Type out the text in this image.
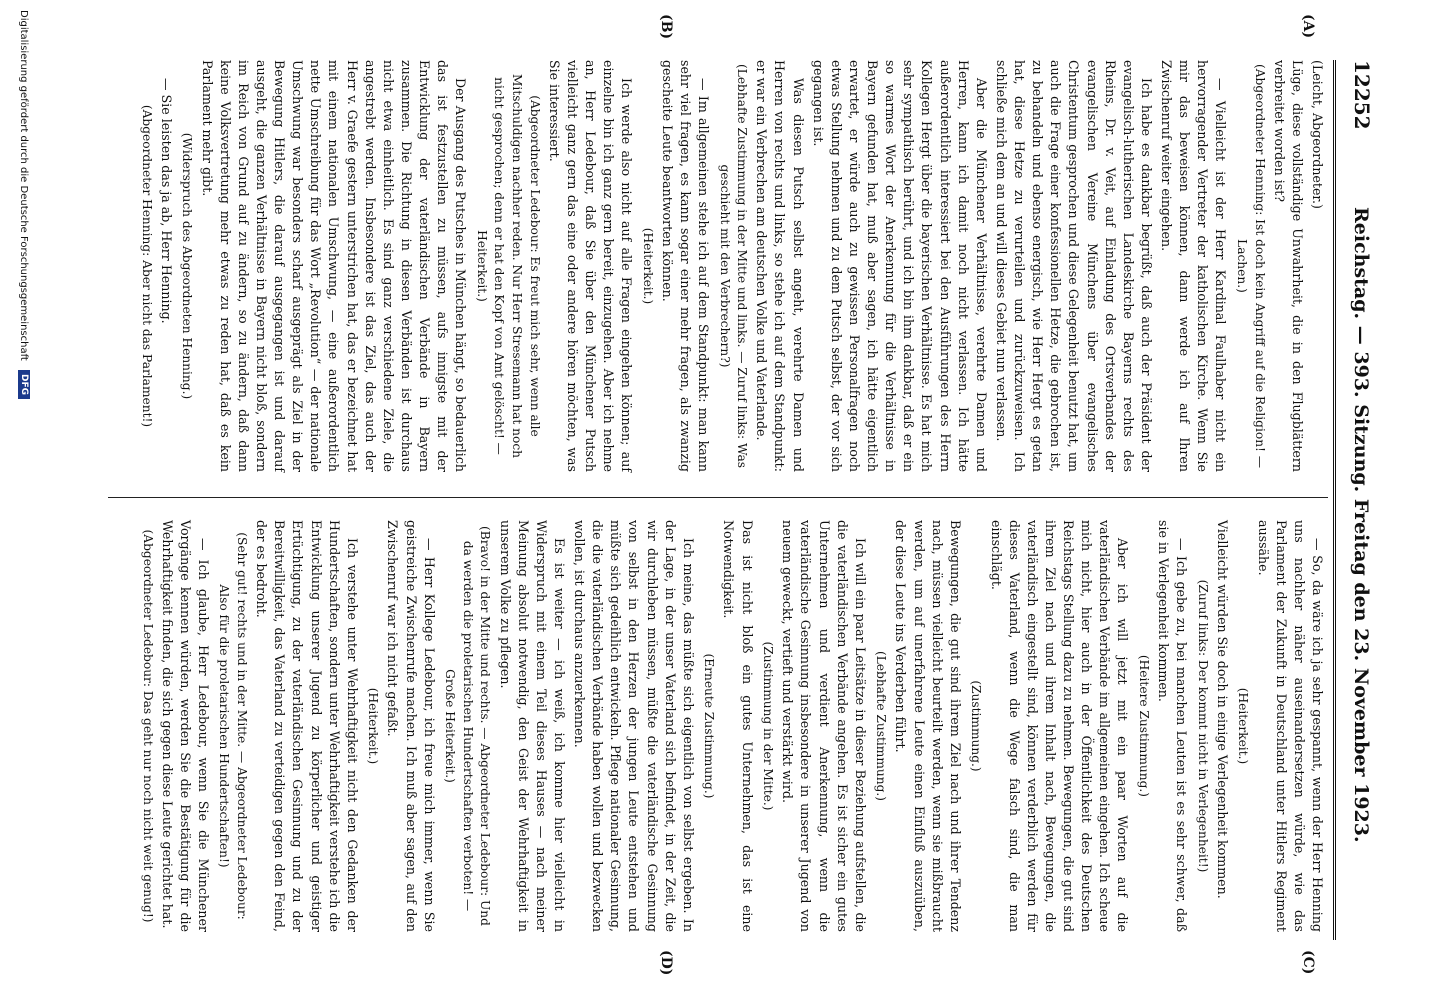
12252
Reichstag. — 393. Sitzung. Freitag den 23. November 1923.
(A)
(B)
(C)
(D)

(Leicht, Abgeordneter.)

Lüge, diese vollständige Unwahrheit, die in den Flugblättern verbreitet worden ist?

(Abgeordneter Henning: Ist doch kein Angriff auf die Religion! — Lachen.)

— Vielleicht ist der Herr Kardinal Faulhaber nicht ein hervorragender Vertreter der katholischen Kirche. Wenn Sie mir das beweisen können, dann werde ich auf Ihren Zwischenruf weiter eingehen.

Ich habe es dankbar begrüßt, daß auch der Präsident der evangelisch-lutherischen Landeskirche Bayerns rechts des Rheins, Dr. v. Veit, auf Einladung des Ortsverbandes der evangelischen Vereine Münchens über evangelisches Christentum gesprochen und diese Gelegenheit benutzt hat, um auch die Frage einer konfessionellen Hetze, die gebrochen ist, zu behandeln und ebenso energisch, wie Herr Hergt es getan hat, diese Hetze zu verurteilen und zurückzuweisen. Ich schließe mich dem an und will dieses Gebiet nun verlassen.

Aber die Münchener Verhältnisse, verehrte Damen und Herren, kann ich damit noch nicht verlassen. Ich hätte außerordentlich interessiert bei den Ausführungen des Herrn Kollegen Hergt über die bayerischen Verhältnisse. Es hat mich sehr sympathisch berührt, und ich bin ihm dankbar, daß er ein so warmes Wort der Anerkennung für die Verhältnisse in Bayern gefunden hat, muß aber sagen, ich hätte eigentlich erwartet, er würde auch zu gewissen Personalfragen noch etwas Stellung nehmen und zu dem Putsch selbst, der vor sich gegangen ist.

Was diesen Putsch selbst angeht, verehrte Damen und Herren von rechts und links, so stehe ich auf dem Standpunkt: er war ein Verbrechen am deutschen Volke und Vaterlande.

(Lebhafte Zustimmung in der Mitte und links. — Zuruf links: Was geschieht mit den Verbrechern?)

— Im allgemeinen stehe ich auf dem Standpunkt: man kann sehr viel fragen, es kann sogar einer mehr fragen, als zwanzig gescheite Leute beantworten können.

(Heiterkeit.)

Ich werde also nicht auf alle Fragen eingehen können; auf einzelne bin ich ganz gern bereit, einzugehen. Aber ich nehme an, Herr Ledebour, daß Sie über den Münchener Putsch vielleicht ganz gern das eine oder andere hören möchten, was Sie interessiert.

(Abgeordneter Ledebour: Es freut mich sehr, wenn alle Mitschuldigen nachher reden. Nur Herr Stresemann hat noch nicht gesprochen; denn er hat den Kopf von Amt gelöscht! — Heiterkeit.)

Der Ausgang des Putsches in München hängt, so bedauerlich das ist festzustellen zu müssen, aufs innigste mit der Entwicklung der vaterländischen Verbände in Bayern zusammen. Die Richtung in diesen Verbänden ist durchaus nicht etwa einheitlich. Es sind ganz verschiedene Ziele, die angestrebt werden. Insbesondere ist das Ziel, das auch der Herr v. Graefe gestern unterstrichen hat, das er bezeichnet hat mit einem nationalen Umschwung, — eine außerordentlich nette Umschreibung für das Wort „Revolution“ — der nationale Umschwung war besonders scharf ausgeprägt als Ziel in der Bewegung Hitlers, die darauf ausgegangen ist und darauf ausgeht, die ganzen Verhältnisse in Bayern nicht bloß, sondern im Reich von Grund auf zu ändern, so zu ändern, daß dann keine Volksvertretung mehr etwas zu reden hat, daß es kein Parlament mehr gibt.

(Widerspruch des Abgeordneten Henning.)

— Sie leisten das ja ab, Herr Henning.

(Abgeordneter Henning: Aber nicht das Parlament!)

— So, da wäre ich ja sehr gespannt, wenn der Herr Henning uns nachher näher auseinandersetzen würde, wie das Parlament der Zukunft in Deutschland unter Hitlers Regiment aussähe.

(Heiterkeit.)

Vielleicht würden Sie doch in einige Verlegenheit kommen.

(Zuruf links: Der kommt nicht in Verlegenheit!)

— Ich gebe zu, bei manchen Leuten ist es sehr schwer, daß sie in Verlegenheit kommen.

(Heitere Zustimmung.)

Aber ich will jetzt mit ein paar Worten auf die vaterländischen Verbände im allgemeinen eingehen. Ich scheue mich nicht, hier auch in der Öffentlichkeit des Deutschen Reichstags Stellung dazu zu nehmen. Bewegungen, die gut sind ihrem Ziel nach und ihrem Inhalt nach, Bewegungen, die vaterländisch eingestellt sind, können verderblich werden für dieses Vaterland, wenn die Wege falsch sind, die man einschlägt.

(Zustimmung.)

Bewegungen, die gut sind ihrem Ziel nach und ihrer Tendenz nach, müssen vielleicht beurteilt werden, wenn sie mißbraucht werden, um auf unerfahrene Leute einen Einfluß auszuüben, der diese Leute ins Verderben führt.

(Lebhafte Zustimmung.)

Ich will ein paar Leitsätze in dieser Beziehung aufstellen, die die vaterländischen Verbände angehen. Es ist sicher ein gutes Unternehmen und verdient Anerkennung, wenn die vaterländische Gesinnung insbesondere in unserer Jugend von neuem geweckt, vertieft und verstärkt wird.

(Zustimmung in der Mitte.)

Das ist nicht bloß ein gutes Unternehmen, das ist eine Notwendigkeit.

(Erneute Zustimmung.)

Ich meine, das müßte sich eigentlich von selbst ergeben. In der Lage, in der unser Vaterland sich befindet, in der Zeit, die wir durchleben müssen, müßte die vaterländische Gesinnung von selbst in den Herzen der jungen Leute entstehen und müßte sich gedeihlich entwickeln. Pflege nationaler Gesinnung, die die vaterländischen Verbände haben wollen und bezwecken wollen, ist durchaus anzuerkennen.

Es ist weiter — ich weiß, ich komme hier vielleicht in Widerspruch mit einem Teil dieses Hauses — nach meiner Meinung absolut notwendig, den Geist der Wehrhaftigkeit in unserem Volke zu pflegen.

(Bravo! in der Mitte und rechts. — Abgeordneter Ledebour: Und da werden die proletarischen Hundertschaften verboten! — Große Heiterkeit.)

— Herr Kollege Ledebour, ich freue mich immer, wenn Sie geistreiche Zwischenrufe machen. Ich muß aber sagen, auf den Zwischenruf war ich nicht gefaßt.

(Heiterkeit.)

Ich verstehe unter Wehrhaftigkeit nicht den Gedanken der Hundertschaften, sondern unter Wehrhaftigkeit verstehe ich die Entwicklung unserer Jugend zu körperlicher und geistiger Ertüchtigung, zu der vaterländischen Gesinnung und zu der Bereitwilligkeit, das Vaterland zu verteidigen gegen den Feind, der es bedroht.

(Sehr gut! rechts und in der Mitte. — Abgeordneter Ledebour: Also für die proletarischen Hundertschaften!)

— Ich glaube, Herr Ledebour, wenn Sie die Münchener Vorgänge kennen würden, werden Sie die Bestätigung für die Wehrhaftigkeit finden, die sich gegen diese Leute gerichtet hat.

(Abgeordneter Ledebour: Das geht nur noch nicht weit genug!)

Digitalisierung gefördert durch die Deutsche Forschungsgemeinschaft DFG
